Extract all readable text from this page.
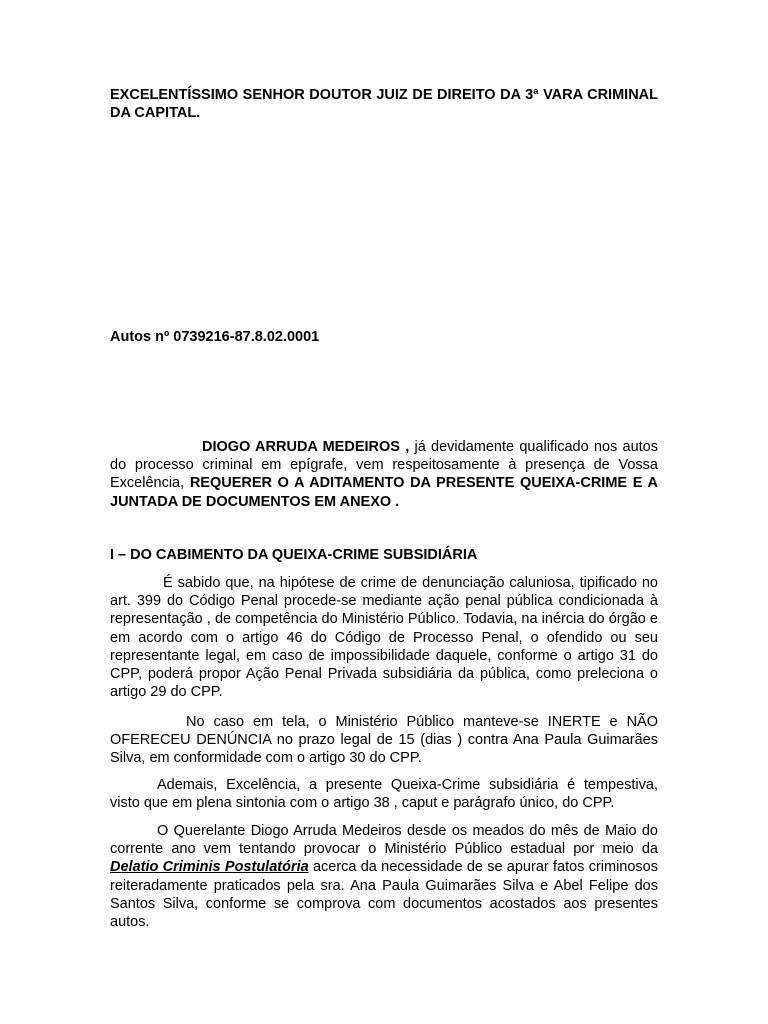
EXCELENTÍSSIMO SENHOR DOUTOR JUIZ DE DIREITO DA 3ª VARA CRIMINAL DA CAPITAL.
Autos nº 0739216-87.8.02.0001
DIOGO ARRUDA MEDEIROS , já devidamente qualificado nos autos do processo criminal em epígrafe, vem respeitosamente à presença de Vossa Excelência, REQUERER O A ADITAMENTO DA PRESENTE QUEIXA-CRIME E A JUNTADA DE DOCUMENTOS EM ANEXO .
I – DO CABIMENTO DA QUEIXA-CRIME SUBSIDIÁRIA
É sabido que, na hipótese de crime de denunciação caluniosa, tipificado no art. 399 do Código Penal procede-se mediante ação penal pública condicionada à representação , de competência do Ministério Público. Todavia, na inércia do órgão e em acordo com o artigo 46 do Código de Processo Penal, o ofendido ou seu representante legal, em caso de impossibilidade daquele, conforme o artigo 31 do CPP, poderá propor Ação Penal Privada subsidiária da pública, como preleciona o artigo 29 do CPP.
No caso em tela, o Ministério Público manteve-se INERTE e NÃO OFERECEU DENÚNCIA no prazo legal de 15 (dias ) contra Ana Paula Guimarães Silva, em conformidade com o artigo 30 do CPP.
Ademais, Excelência, a presente Queixa-Crime subsidiária é tempestiva, visto que em plena sintonia com o artigo 38 , caput e parágrafo único, do CPP.
O Querelante Diogo Arruda Medeiros desde os meados do mês de Maio do corrente ano vem tentando provocar o Ministério Público estadual por meio da Delatio Criminis Postulatória acerca da necessidade de se apurar fatos criminosos reiteradamente praticados pela sra. Ana Paula Guimarães Silva e Abel Felipe dos Santos Silva, conforme se comprova com documentos acostados aos presentes autos.
